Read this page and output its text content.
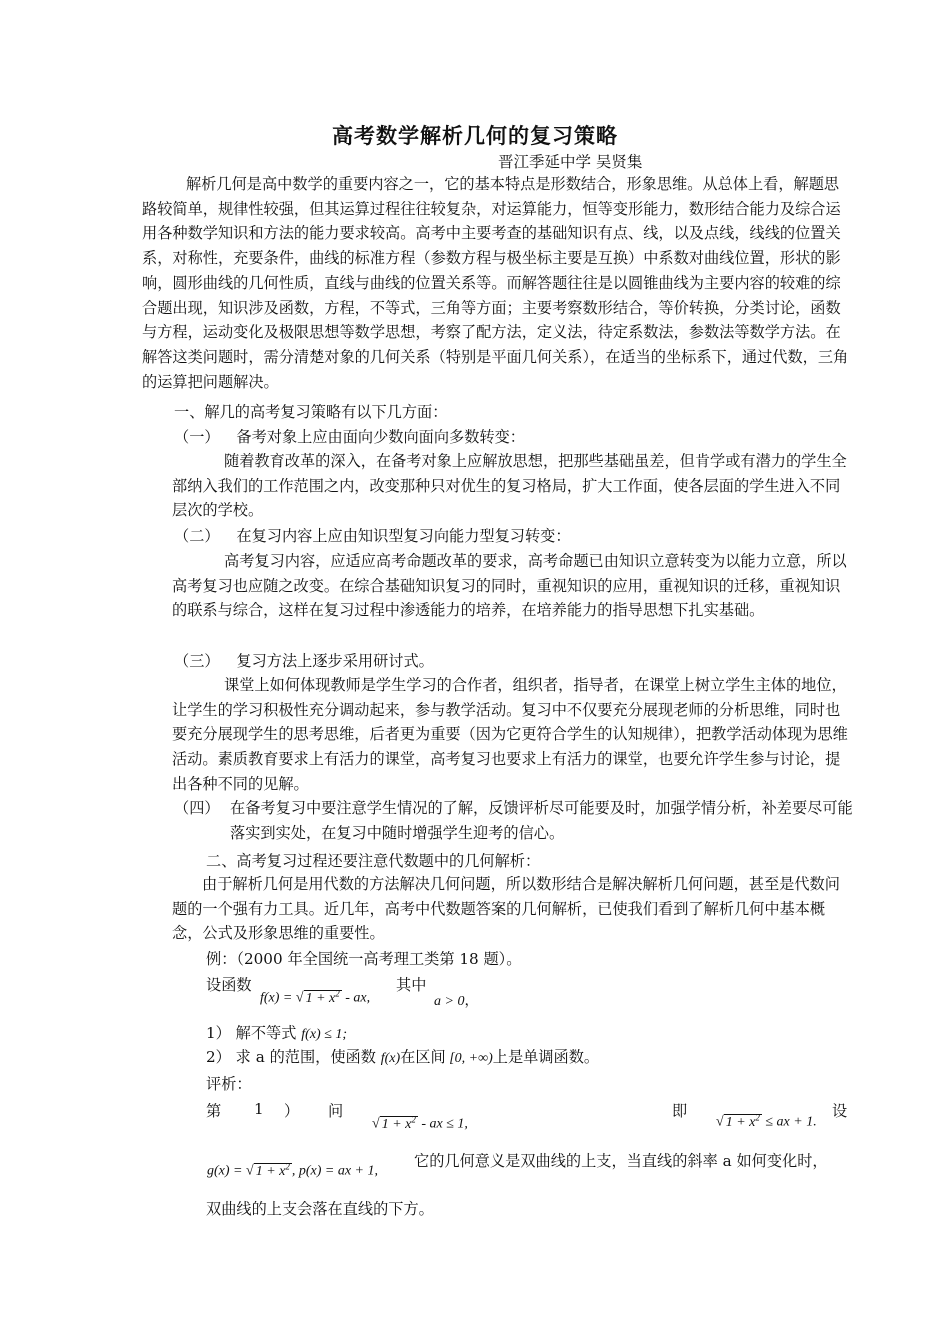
高考数学解析几何的复习策略
晋江季延中学 吴贤集
解析几何是高中数学的重要内容之一，它的基本特点是形数结合，形象思维。从总体上看，解题思路较简单，规律性较强，但其运算过程往往较复杂，对运算能力，恒等变形能力，数形结合能力及综合运用各种数学知识和方法的能力要求较高。高考中主要考查的基础知识有点、线，以及点线，线线的位置关系，对称性，充要条件，曲线的标准方程（参数方程与极坐标主要是互换）中系数对曲线位置，形状的影响，圆形曲线的几何性质，直线与曲线的位置关系等。而解答题往往是以圆锥曲线为主要内容的较难的综合题出现，知识涉及函数，方程，不等式，三角等方面；主要考察数形结合，等价转换，分类讨论，函数与方程，运动变化及极限思想等数学思想，考察了配方法，定义法，待定系数法，参数法等数学方法。在解答这类问题时，需分清楚对象的几何关系（特别是平面几何关系），在适当的坐标系下，通过代数，三角的运算把问题解决。
一、解几的高考复习策略有以下几方面：
（一） 备考对象上应由面向少数向面向多数转变：
随着教育改革的深入，在备考对象上应解放思想，把那些基础虽差，但肯学或有潜力的学生全部纳入我们的工作范围之内，改变那种只对优生的复习格局，扩大工作面，使各层面的学生进入不同层次的学校。
（二） 在复习内容上应由知识型复习向能力型复习转变：
高考复习内容，应适应高考命题改革的要求，高考命题已由知识立意转变为以能力立意，所以高考复习也应随之改变。在综合基础知识复习的同时，重视知识的应用，重视知识的迁移，重视知识的联系与综合，这样在复习过程中渗透能力的培养，在培养能力的指导思想下扎实基础。
（三） 复习方法上逐步采用研讨式。
课堂上如何体现教师是学生学习的合作者，组织者，指导者，在课堂上树立学生主体的地位，让学生的学习积极性充分调动起来，参与教学活动。复习中不仅要充分展现老师的分析思维，同时也要充分展现学生的思考思维，后者更为重要（因为它更符合学生的认知规律），把教学活动体现为思维活动。素质教育要求上有活力的课堂，高考复习也要求上有活力的课堂，也要允许学生参与讨论，提出各种不同的见解。
（四） 在备考复习中要注意学生情况的了解，反馈评析尽可能要及时，加强学情分析，补差要尽可能落实到实处，在复习中随时增强学生迎考的信心。
二、高考复习过程还要注意代数题中的几何解析：
由于解析几何是用代数的方法解决几何问题，所以数形结合是解决解析几何问题，甚至是代数问题的一个强有力工具。近几年，高考中代数题答案的几何解析，已使我们看到了解析几何中基本概念，公式及形象思维的重要性。
例：（2000 年全国统一高考理工类第 18 题）。
设函数
f(x) = √ $1 + x^2$ - ax,
其中
a > 0，
1） 解不等式 f(x) ≤ 1;
2） 求 a 的范围，使函数 f(x)在区间 [0, +∞)上是单调函数。
评析：
第 1 ） 问
√ $1 + x^2$ - ax ≤ 1,
即
√ $1 + x^2$ ≤ ax + 1.
设
g(x) = √ $1 + x^2$ , p(x) = ax + 1,
它的几何意义是双曲线的上支，当直线的斜率 a 如何变化时，
双曲线的上支会落在直线的下方。
